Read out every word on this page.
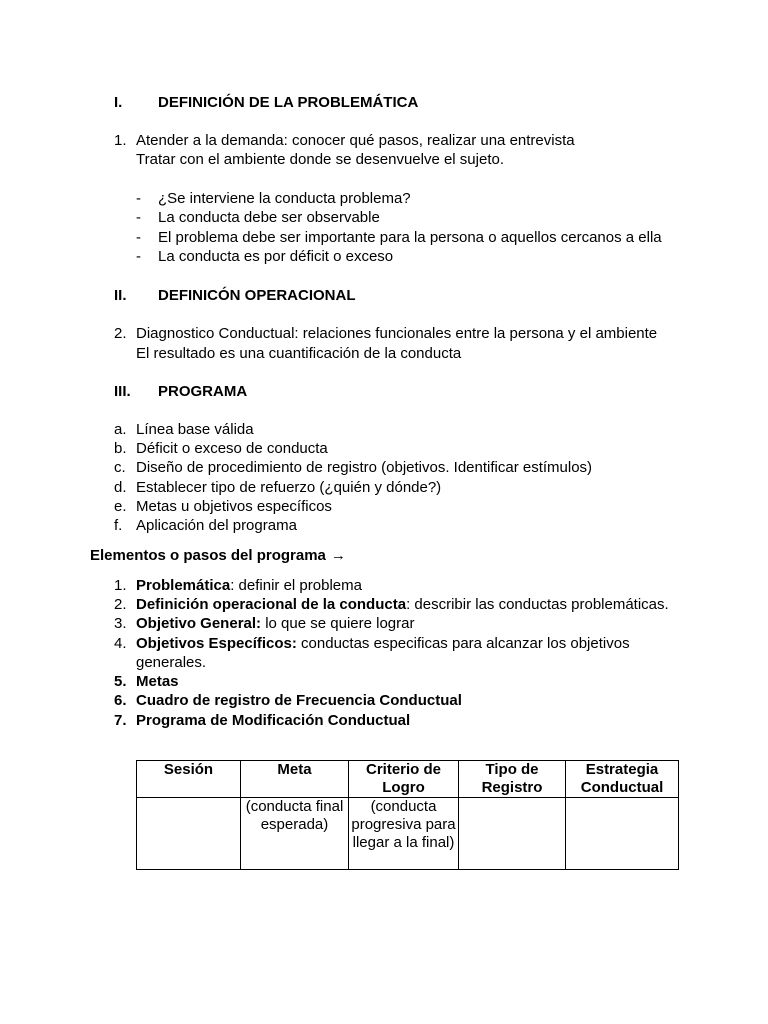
I. DEFINICIÓN DE LA PROBLEMÁTICA
1. Atender a la demanda: conocer qué pasos, realizar una entrevista
Tratar con el ambiente donde se desenvuelve el sujeto.
- ¿Se interviene la conducta problema?
- La conducta debe ser observable
- El problema debe ser importante para la persona o aquellos cercanos a ella
- La conducta es por déficit o exceso
II. DEFINICÓN OPERACIONAL
2. Diagnostico Conductual: relaciones funcionales entre la persona y el ambiente
El resultado es una cuantificación de la conducta
III. PROGRAMA
a. Línea base válida
b. Déficit o exceso de conducta
c. Diseño de procedimiento de registro (objetivos. Identificar estímulos)
d. Establecer tipo de refuerzo (¿quién y dónde?)
e. Metas u objetivos específicos
f. Aplicación del programa
Elementos o pasos del programa →
1. Problemática: definir el problema
2. Definición operacional de la conducta: describir las conductas problemáticas.
3. Objetivo General: lo que se quiere lograr
4. Objetivos Específicos: conductas especificas para alcanzar los objetivos
generales.
5. Metas
6. Cuadro de registro de Frecuencia Conductual
7. Programa de Modificación Conductual
Sesión	Meta	Criterio de Logro	Tipo de Registro	Estrategia Conductual
	(conducta final esperada)	(conducta progresiva para llegar a la final)		
